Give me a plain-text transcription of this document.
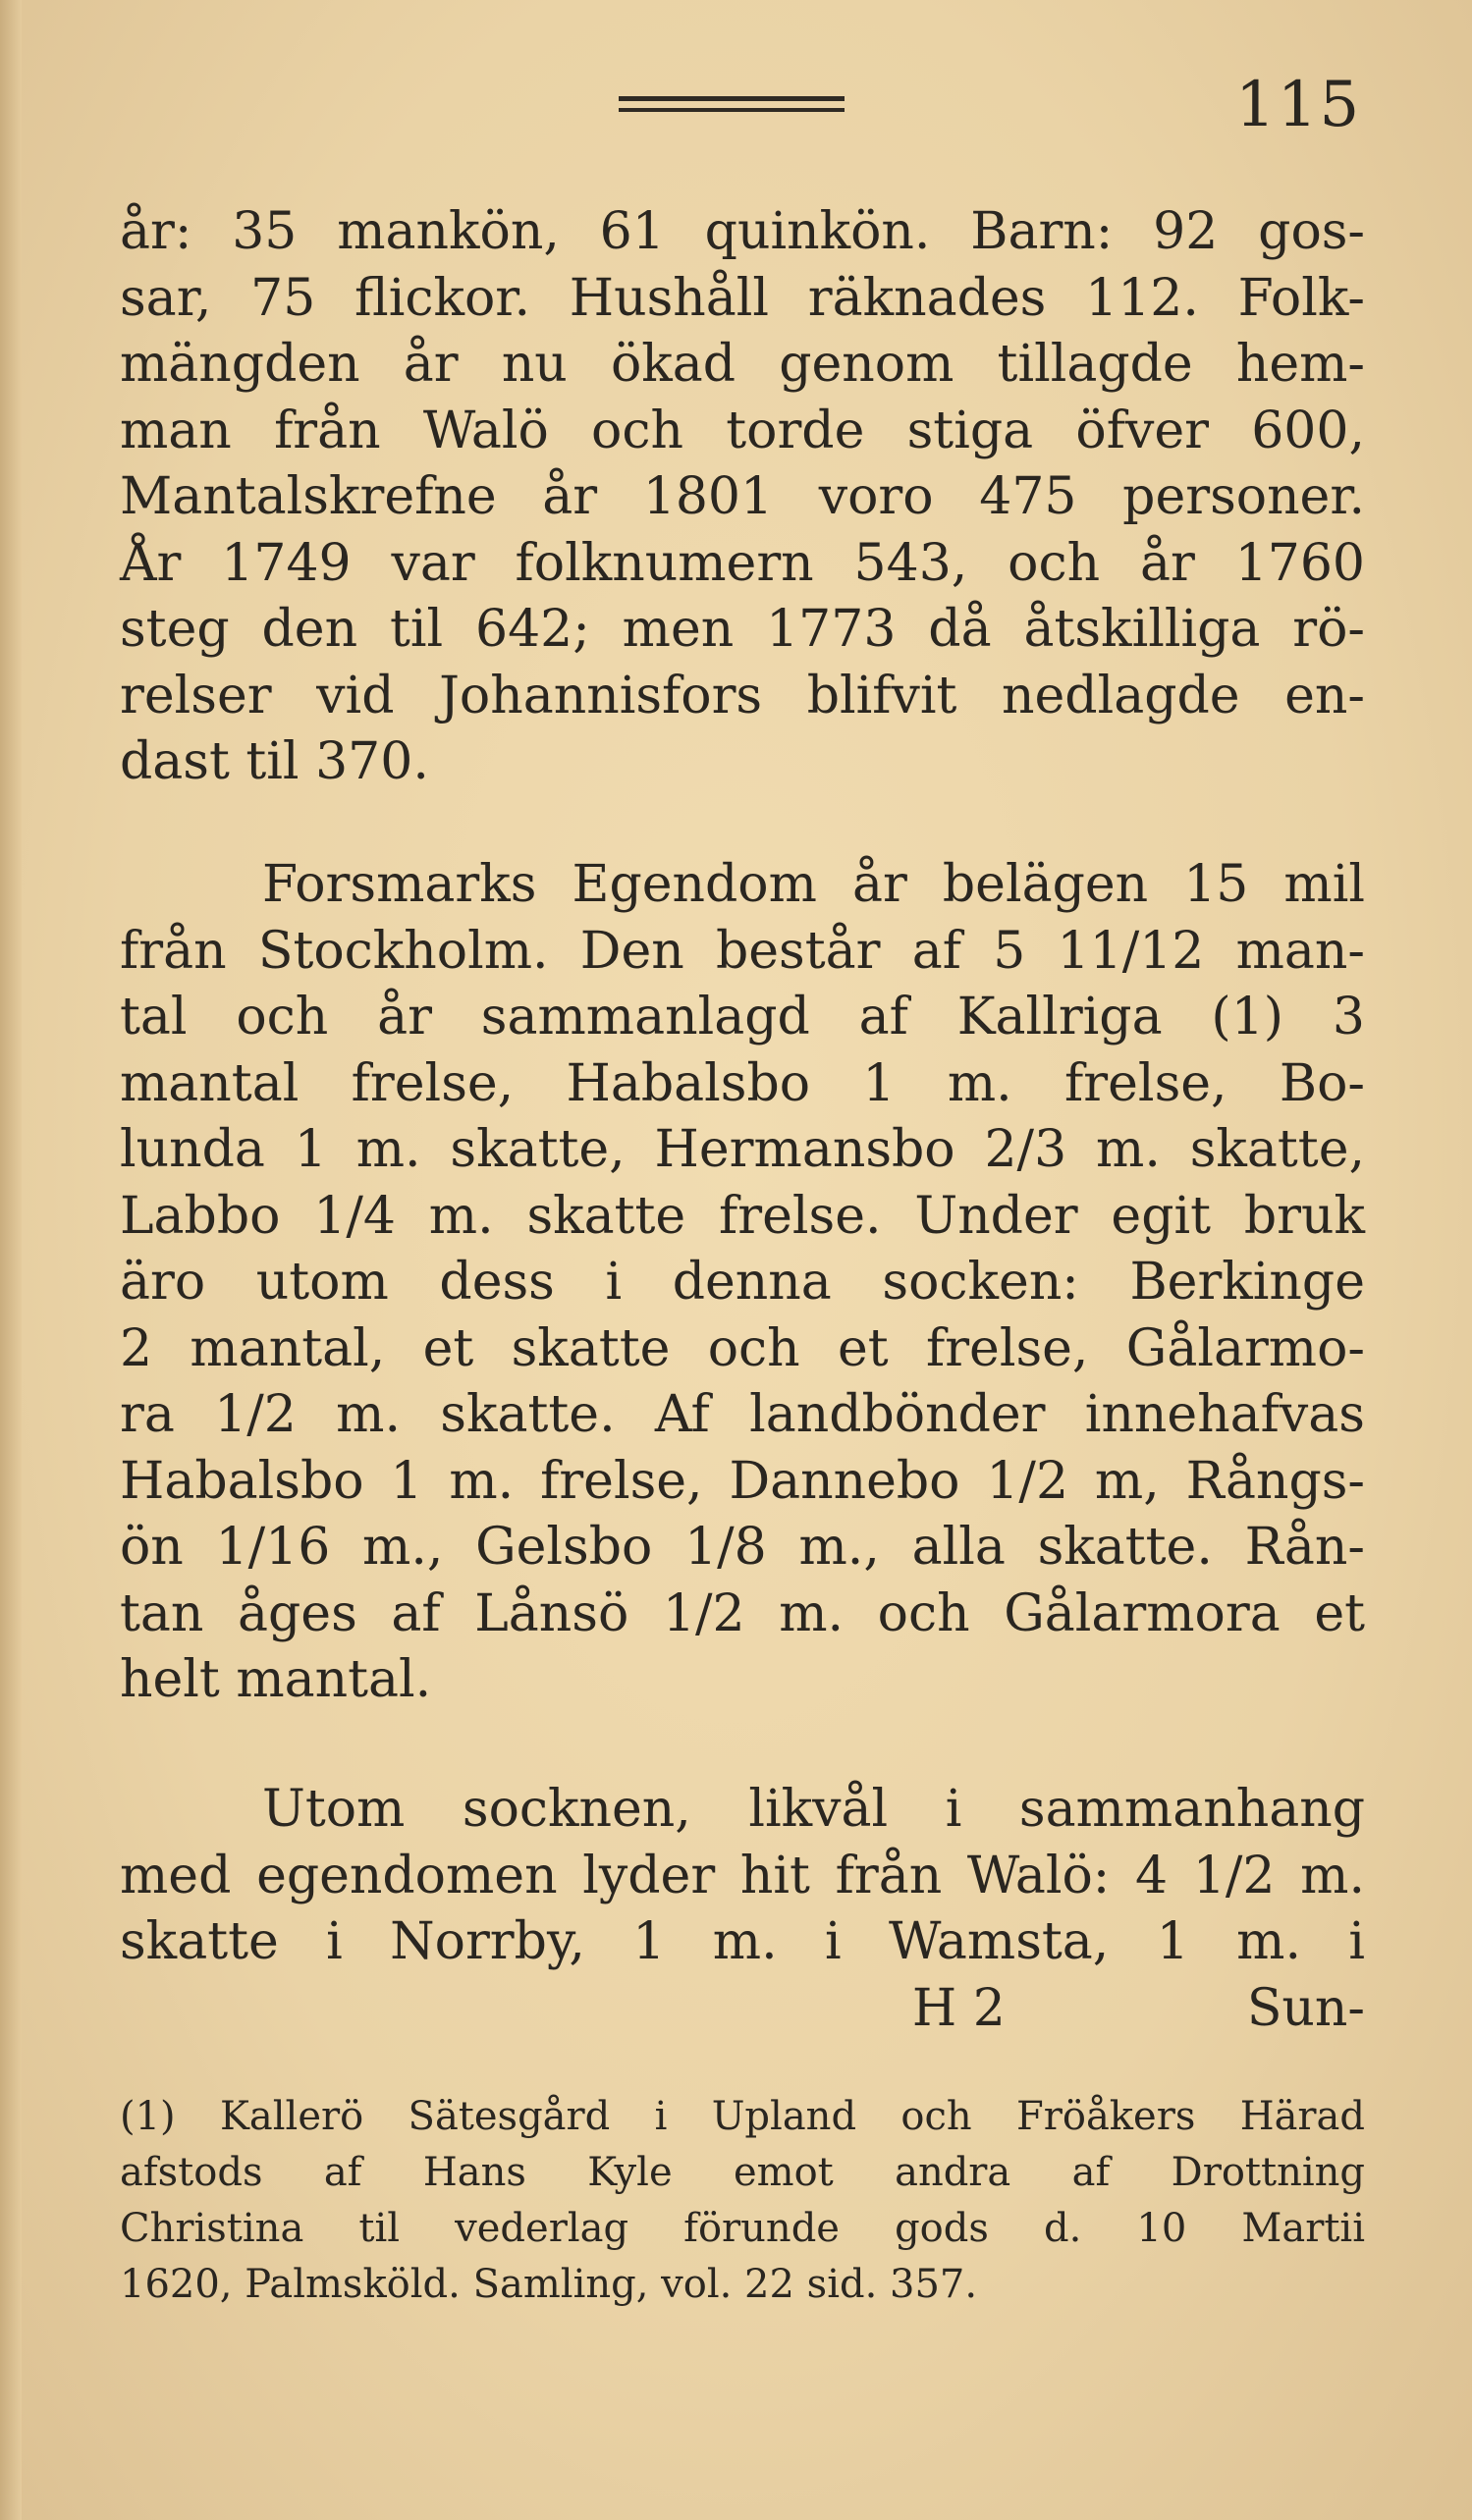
115
år: 35 mankön, 61 quinkön. Barn: 92 gos-
sar, 75 flickor. Hushåll räknades 112. Folk-
mängden år nu ökad genom tillagde hem-
man från Walö och torde stiga öfver 600,
Mantalskrefne år 1801 voro 475 personer.
År 1749 var folknumern 543, och år 1760
steg den til 642; men 1773 då åtskilliga rö-
relser vid Johannisfors blifvit nedlagde en-
dast til 370.
Forsmarks Egendom år belägen 15 mil
från Stockholm. Den består af 5 11/12 man-
tal och år sammanlagd af Kallriga (1) 3
mantal frelse, Habalsbo 1 m. frelse, Bo-
lunda 1 m. skatte, Hermansbo 2/3 m. skatte,
Labbo 1/4 m. skatte frelse. Under egit bruk
äro utom dess i denna socken: Berkinge
2 mantal, et skatte och et frelse, Gålarmo-
ra 1/2 m. skatte. Af landbönder innehafvas
Habalsbo 1 m. frelse, Dannebo 1/2 m, Rångs-
ön 1/16 m., Gelsbo 1/8 m., alla skatte. Rån-
tan åges af Lånsö 1/2 m. och Gålarmora et
helt mantal.
Utom socknen, likvål i sammanhang
med egendomen lyder hit från Walö: 4 1/2 m.
skatte i Norrby, 1 m. i Wamsta, 1 m. i
H 2	Sun-
(1) Kallerö Sätesgård i Upland och Fröåkers Härad
afstods af Hans Kyle emot andra af Drottning
Christina til vederlag förunde gods d. 10 Martii
1620, Palmsköld. Samling, vol. 22 sid. 357.
